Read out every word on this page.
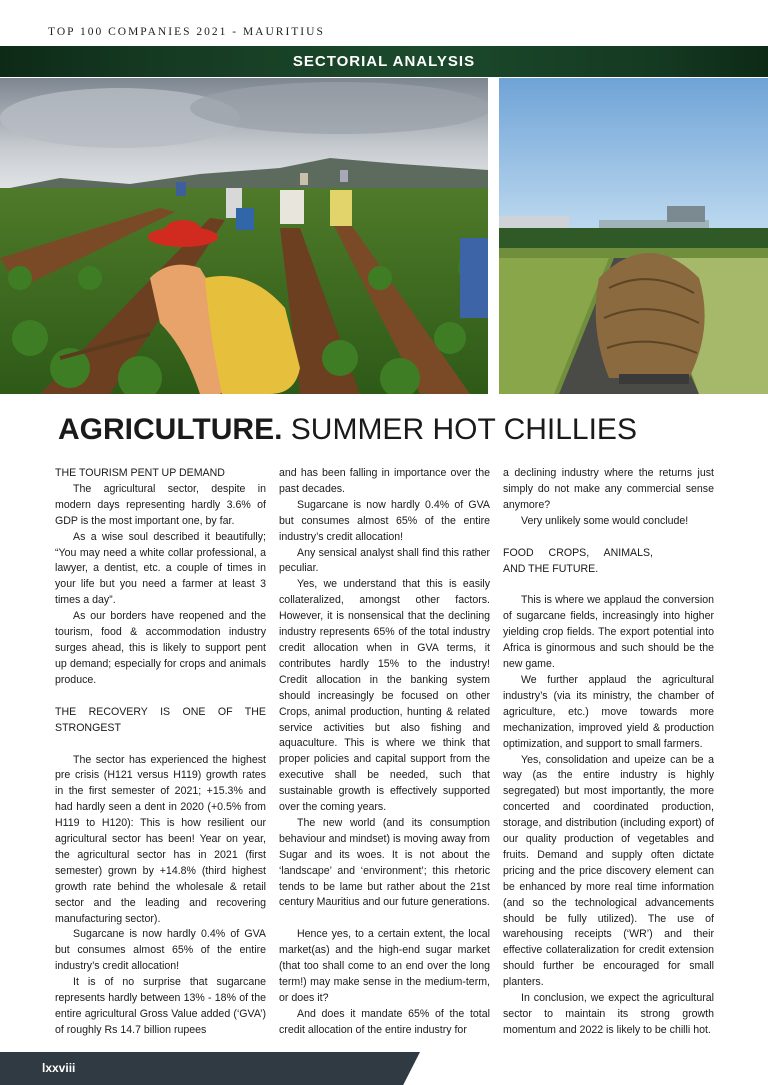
TOP 100 COMPANIES 2021 - MAURITIUS
SECTORIAL ANALYSIS
AGRICULTURE. SUMMER HOT CHILLIES

THE TOURISM PENT UP DEMAND

The agricultural sector, despite in modern days representing hardly 3.6% of GDP is the most important one, by far.

As a wise soul described it beautifully; “You may need a white collar professional, a lawyer, a dentist, etc. a couple of times in your life but you need a farmer at least 3 times a day”.

As our borders have reopened and the tourism, food & accommodation industry surges ahead, this is likely to support pent up demand; especially for crops and animals produce.

THE RECOVERY IS ONE OF THE STRONGEST

The sector has experienced the highest pre crisis (H121 versus H119) growth rates in the first semester of 2021; +15.3% and had hardly seen a dent in 2020 (+0.5% from H119 to H120): This is how resilient our agricultural sector has been! Year on year, the agricultural sector has in 2021 (first semester) grown by +14.8% (third highest growth rate behind the wholesale & retail sector and the leading and recovering manufacturing sector).

Sugarcane is now hardly 0.4% of GVA but consumes almost 65% of the entire industry’s credit allocation!

It is of no surprise that sugarcane represents hardly between 13% - 18% of the entire agricultural Gross Value added (‘GVA’) of roughly Rs 14.7 billion rupees

and has been falling in importance over the past decades.

Sugarcane is now hardly 0.4% of GVA but consumes almost 65% of the entire industry’s credit allocation!

Any sensical analyst shall find this rather peculiar.

Yes, we understand that this is easily collateralized, amongst other factors. However, it is nonsensical that the declining industry represents 65% of the total industry credit allocation when in GVA terms, it contributes hardly 15% to the industry! Credit allocation in the banking system should increasingly be focused on other Crops, animal production, hunting & related service activities but also fishing and aquaculture. This is where we think that proper policies and capital support from the executive shall be needed, such that sustainable growth is effectively supported over the coming years.

The new world (and its consumption behaviour and mindset) is moving away from Sugar and its woes. It is not about the ‘landscape’ and ‘environment’; this rhetoric tends to be lame but rather about the 21st century Mauritius and our future generations.

Hence yes, to a certain extent, the local market(as) and the high-end sugar market (that too shall come to an end over the long term!) may make sense in the medium-term, or does it?

And does it mandate 65% of the total credit allocation of the entire industry for

a declining industry where the returns just simply do not make any commercial sense anymore?

Very unlikely some would conclude!

FOOD CROPS, ANIMALS, AND THE FUTURE.

This is where we applaud the conversion of sugarcane fields, increasingly into higher yielding crop fields. The export potential into Africa is ginormous and such should be the new game.

We further applaud the agricultural industry’s (via its ministry, the chamber of agriculture, etc.) move towards more mechanization, improved yield & production optimization, and support to small farmers.

Yes, consolidation and upeize can be a way (as the entire industry is highly segregated) but most importantly, the more concerted and coordinated production, storage, and distribution (including export) of our quality production of vegetables and fruits. Demand and supply often dictate pricing and the price discovery element can be enhanced by more real time information (and so the technological advancements should be fully utilized). The use of warehousing receipts (‘WR’) and their effective collateralization for credit extension should further be encouraged for small planters.

In conclusion, we expect the agricultural sector to maintain its strong growth momentum and 2022 is likely to be chilli hot.

lxxviii
